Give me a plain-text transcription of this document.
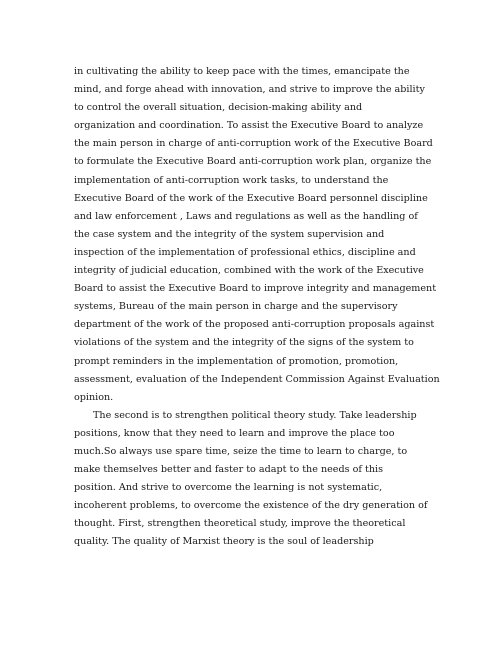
in cultivating the ability to keep pace with the times, emancipate the
mind, and forge ahead with innovation, and strive to improve the ability
to control the overall situation, decision-making ability and
organization and coordination. To assist the Executive Board to analyze
the main person in charge of anti-corruption work of the Executive Board
to formulate the Executive Board anti-corruption work plan, organize the
implementation of anti-corruption work tasks, to understand the
Executive Board of the work of the Executive Board personnel discipline
and law enforcement , Laws and regulations as well as the handling of
the case system and the integrity of the system supervision and
inspection of the implementation of professional ethics, discipline and
integrity of judicial education, combined with the work of the Executive
Board to assist the Executive Board to improve integrity and management
systems, Bureau of the main person in charge and the supervisory
department of the work of the proposed anti-corruption proposals against
violations of the system and the integrity of the signs of the system to
prompt reminders in the implementation of promotion, promotion,
assessment, evaluation of the Independent Commission Against Evaluation
opinion.
The second is to strengthen political theory study. Take leadership
positions, know that they need to learn and improve the place too
much.So always use spare time, seize the time to learn to charge, to
make themselves better and faster to adapt to the needs of this
position. And strive to overcome the learning is not systematic,
incoherent problems, to overcome the existence of the dry generation of
thought. First, strengthen theoretical study, improve the theoretical
quality. The quality of Marxist theory is the soul of leadership
